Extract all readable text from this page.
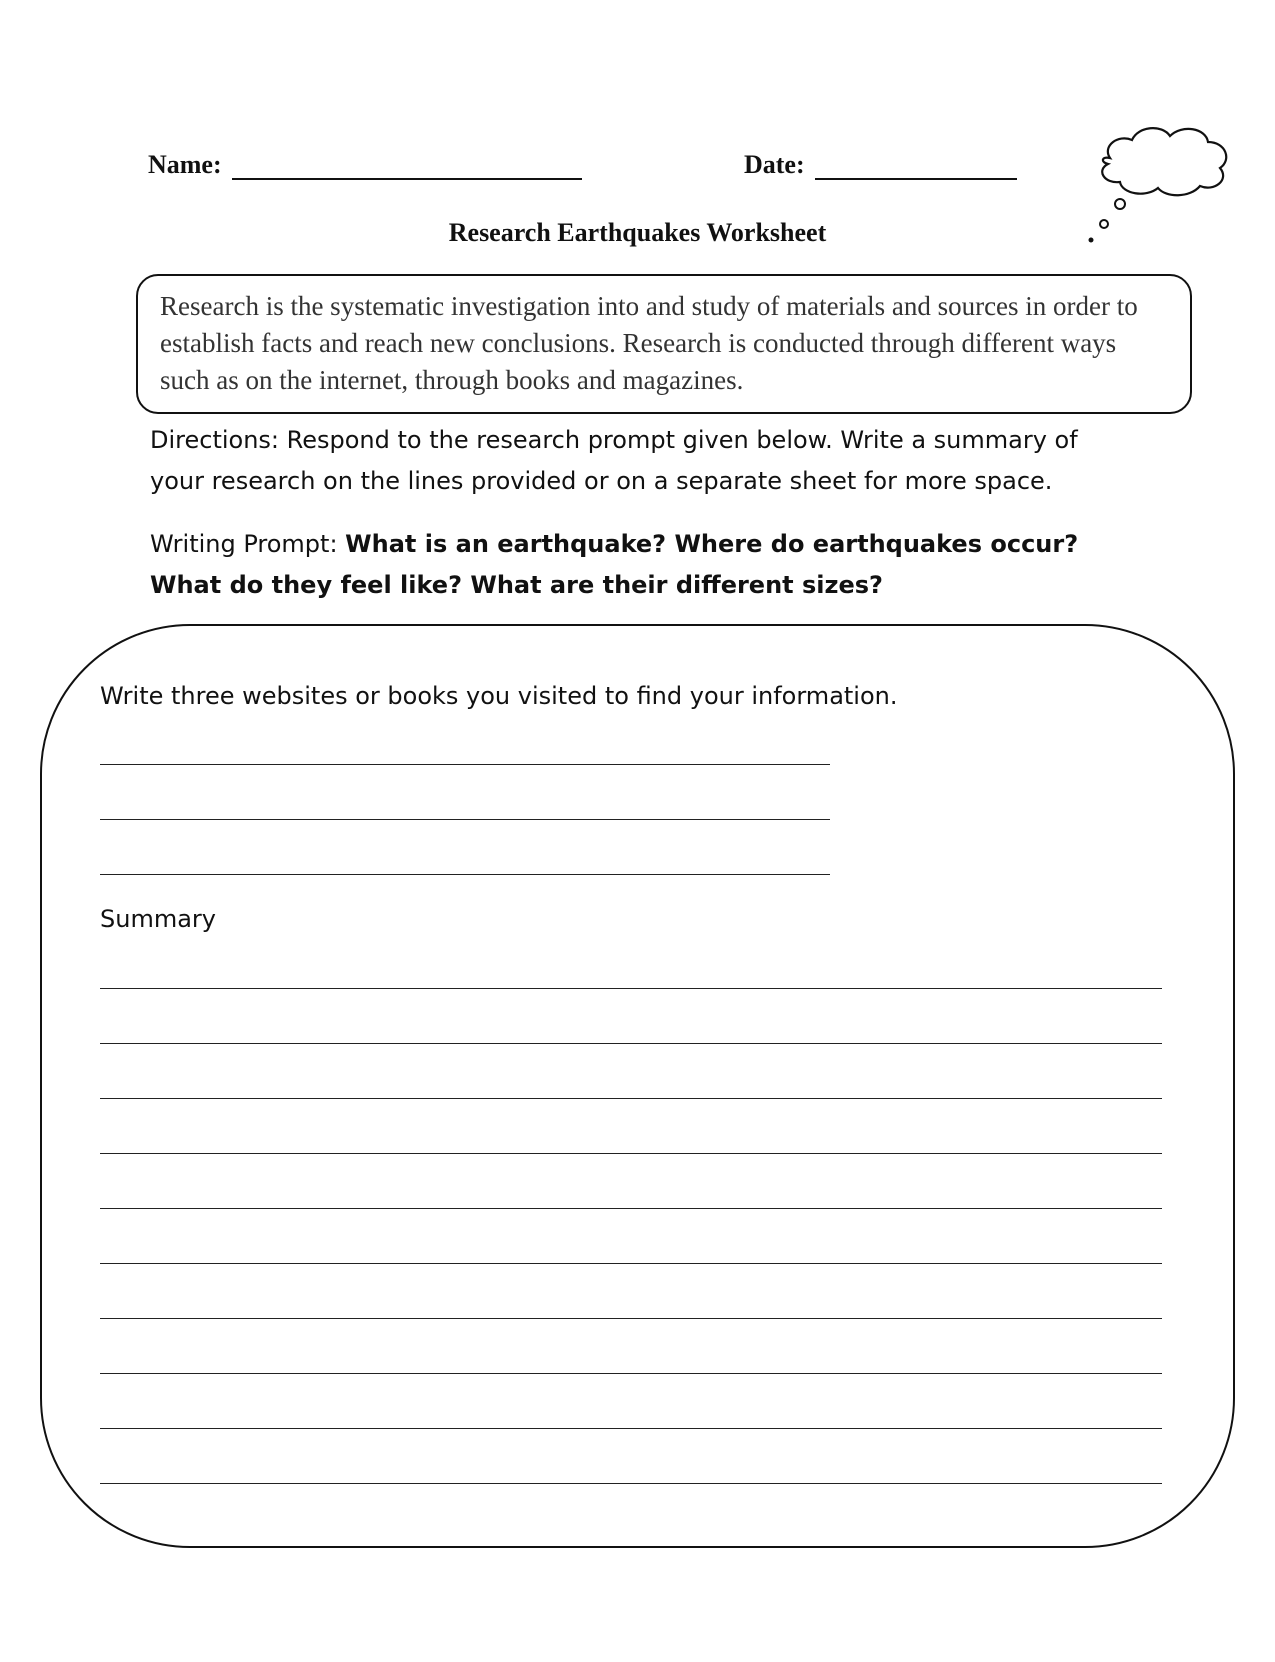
Name:	Date:
Research Earthquakes Worksheet
Research is the systematic investigation into and study of materials and sources in order to establish facts and reach new conclusions. Research is conducted through different ways such as on the internet, through books and magazines.
Directions: Respond to the research prompt given below. Write a summary of your research on the lines provided or on a separate sheet for more space.
Writing Prompt: What is an earthquake? Where do earthquakes occur? What do they feel like? What are their different sizes?
Write three websites or books you visited to find your information.
Summary
